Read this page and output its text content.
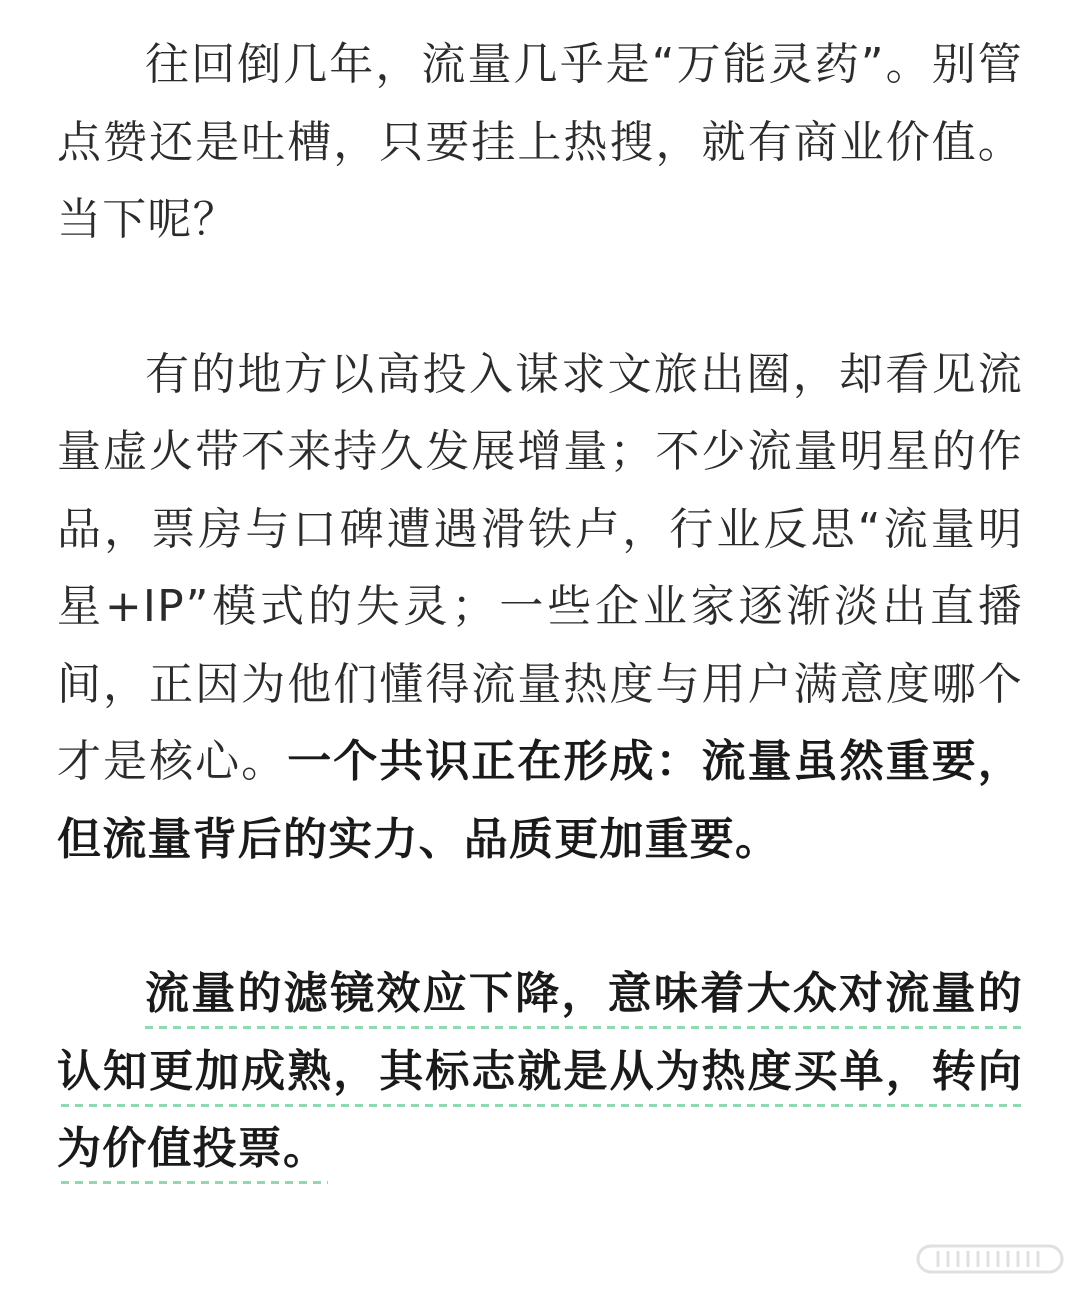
往回倒几年，流量几乎是“万能灵药”。别管点赞还是吐槽，只要挂上热搜，就有商业价值。当下呢？

有的地方以高投入谋求文旅出圈，却看见流量虚火带不来持久发展增量；不少流量明星的作品，票房与口碑遭遇滑铁卢，行业反思“流量明星+IP”模式的失灵；一些企业家逐渐淡出直播间，正因为他们懂得流量热度与用户满意度哪个才是核心。一个共识正在形成：流量虽然重要，但流量背后的实力、品质更加重要。

流量的滤镜效应下降，意味着大众对流量的认知更加成熟，其标志就是从为热度买单，转向为价值投票。
